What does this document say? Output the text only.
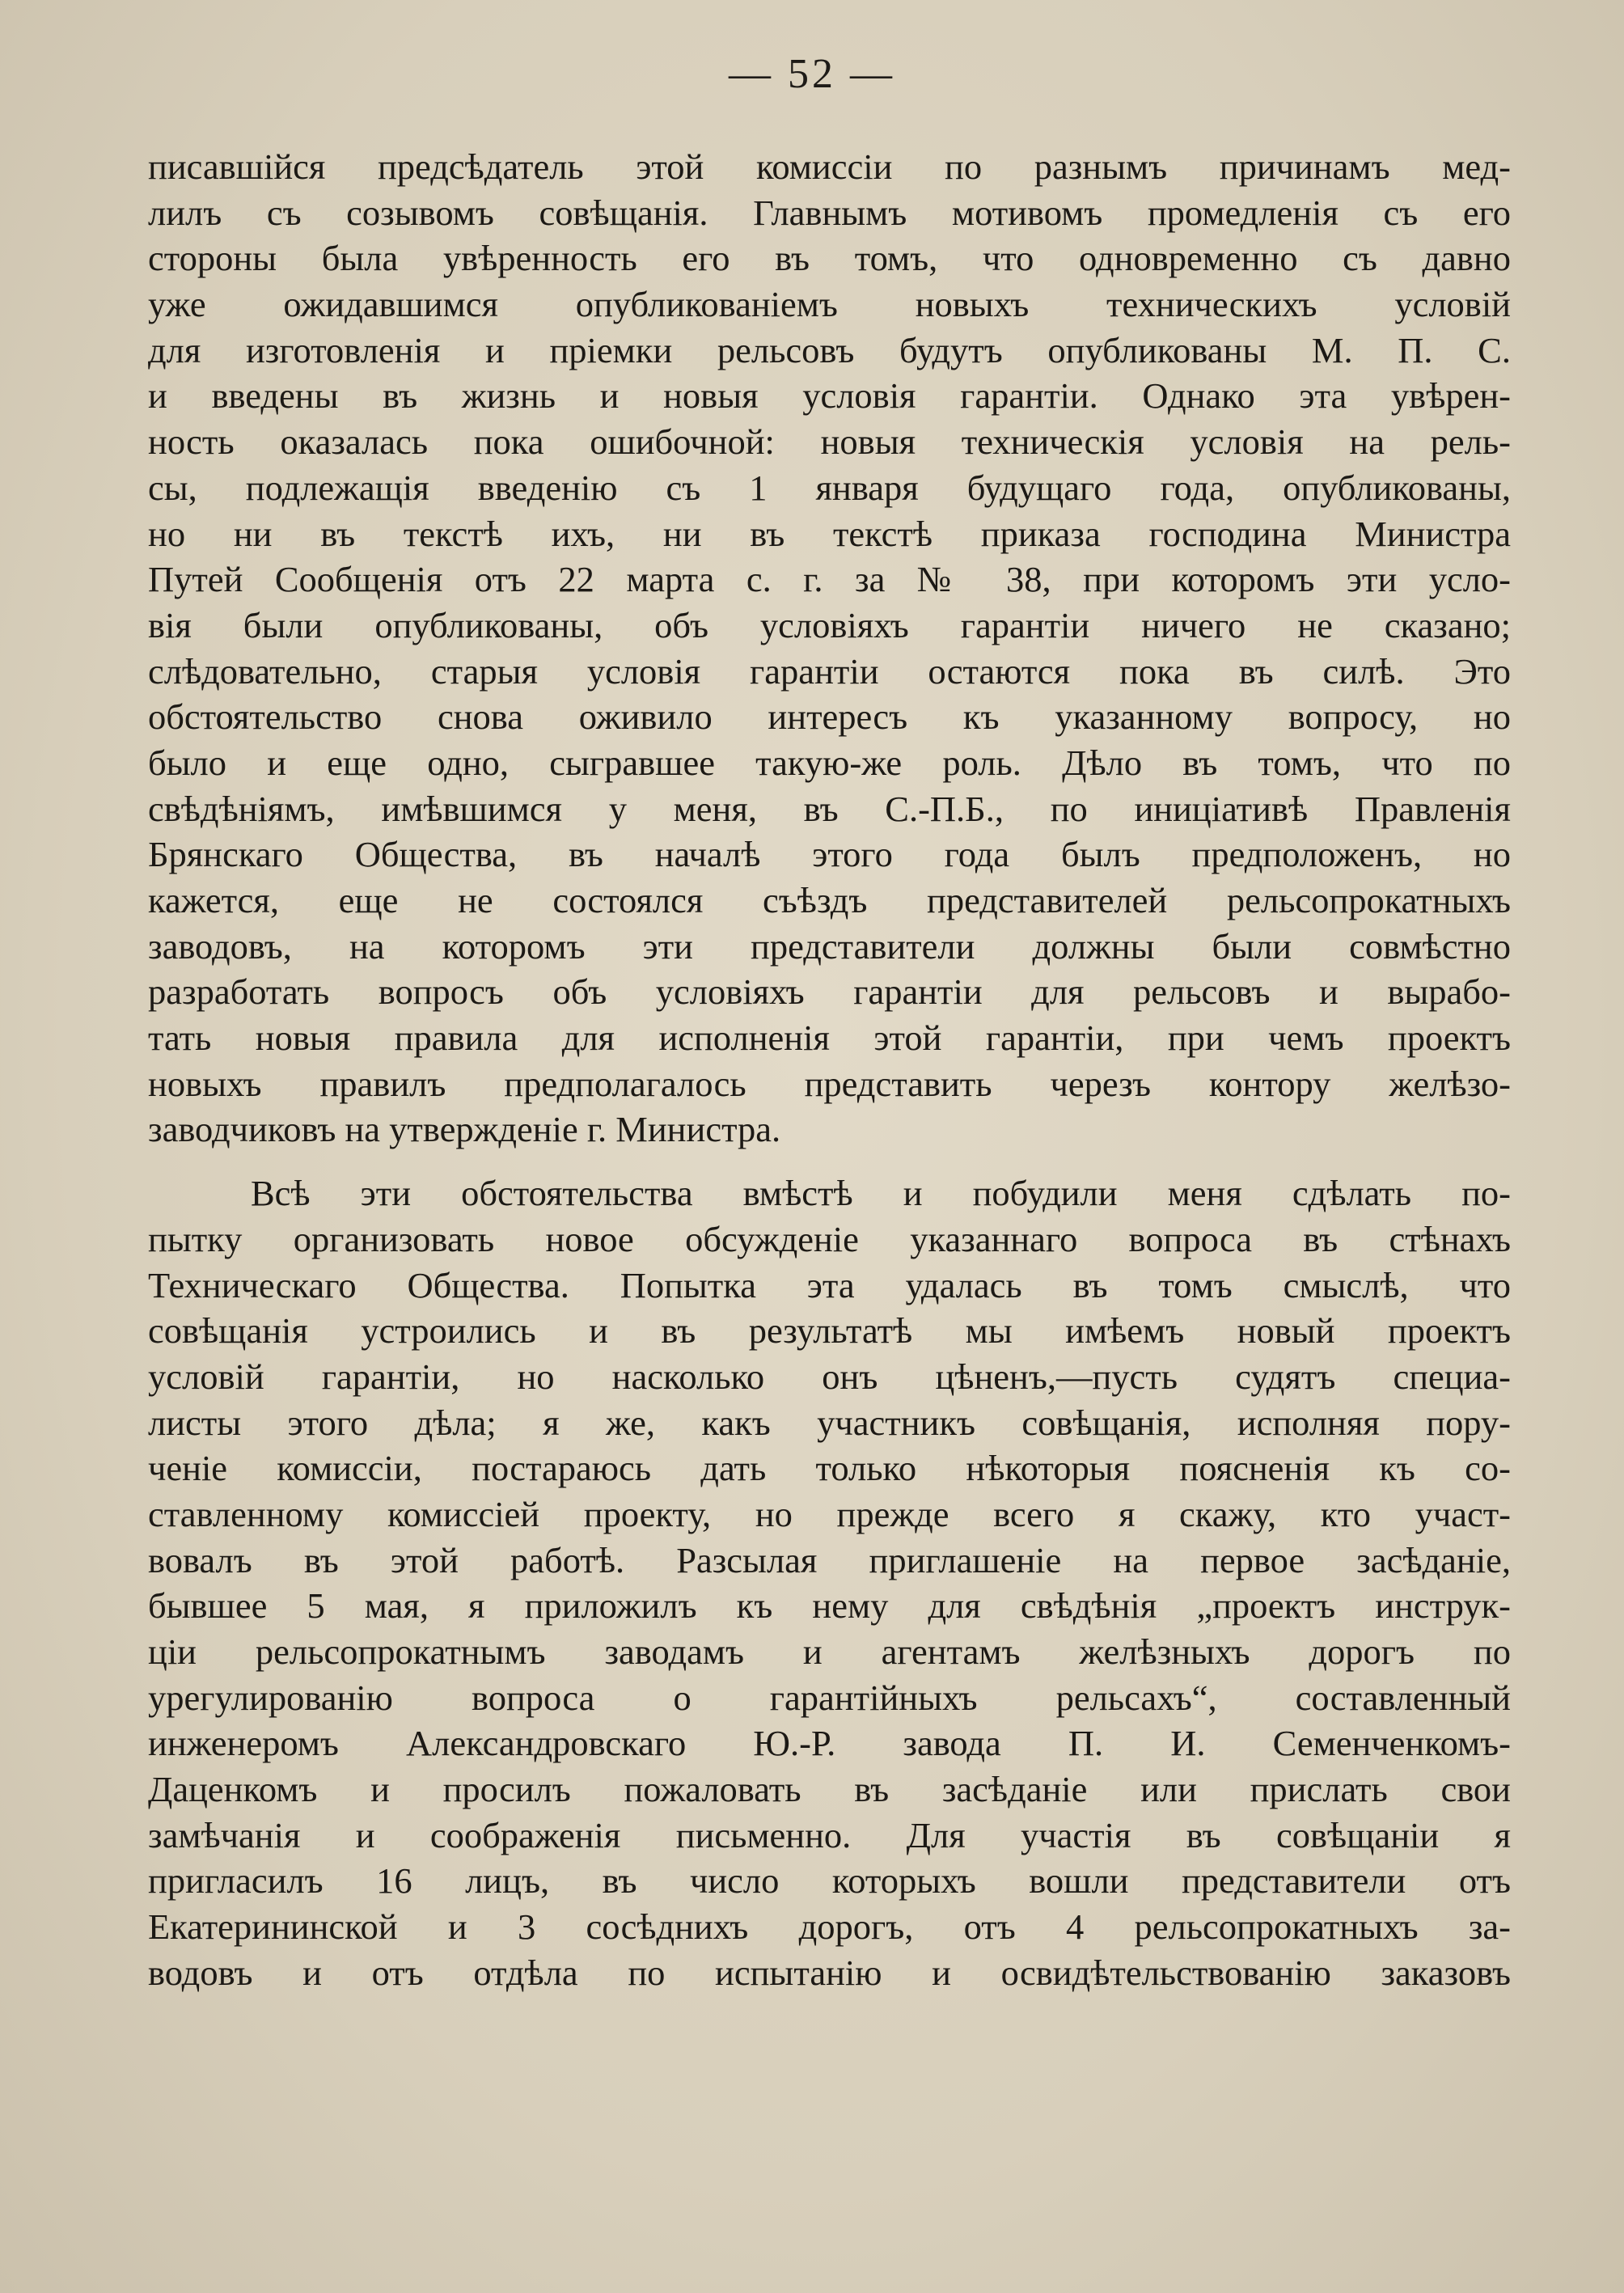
— 52 —
писавшійся предсѣдатель этой комиссіи по разнымъ причинамъ мед-
лилъ съ созывомъ совѣщанія. Главнымъ мотивомъ промедленія съ его
стороны была увѣренность его въ томъ, что одновременно съ давно
уже ожидавшимся опубликованіемъ новыхъ техническихъ условій
для изготовленія и пріемки рельсовъ будутъ опубликованы М. П. С.
и введены въ жизнь и новыя условія гарантіи. Однако эта увѣрен-
ность оказалась пока ошибочной: новыя техническія условія на рель-
сы, подлежащія введенію съ 1 января будущаго года, опубликованы,
но ни въ текстѣ ихъ, ни въ текстѣ приказа господина Министра
Путей Сообщенія отъ 22 марта с. г. за № 38, при которомъ эти усло-
вія были опубликованы, объ условіяхъ гарантіи ничего не сказано;
слѣдовательно, старыя условія гарантіи остаются пока въ силѣ. Это
обстоятельство снова оживило интересъ къ указанному вопросу, но
было и еще одно, сыгравшее такую-же роль. Дѣло въ томъ, что по
свѣдѣніямъ, имѣвшимся у меня, въ С.-П.Б., по иниціативѣ Правленія
Брянскаго Общества, въ началѣ этого года былъ предположенъ, но
кажется, еще не состоялся съѣздъ представителей рельсопрокатныхъ
заводовъ, на которомъ эти представители должны были совмѣстно
разработать вопросъ объ условіяхъ гарантіи для рельсовъ и вырабо-
тать новыя правила для исполненія этой гарантіи, при чемъ проектъ
новыхъ правилъ предполагалось представить черезъ контору желѣзо-
заводчиковъ на утвержденіе г. Министра.
Всѣ эти обстоятельства вмѣстѣ и побудили меня сдѣлать по-
пытку организовать новое обсужденіе указаннаго вопроса въ стѣнахъ
Техническаго Общества. Попытка эта удалась въ томъ смыслѣ, что
совѣщанія устроились и въ результатѣ мы имѣемъ новый проектъ
условій гарантіи, но насколько онъ цѣненъ,—пусть судятъ специа-
листы этого дѣла; я же, какъ участникъ совѣщанія, исполняя пору-
ченіе комиссіи, постараюсь дать только нѣкоторыя поясненія къ со-
ставленному комиссіей проекту, но прежде всего я скажу, кто участ-
вовалъ въ этой работѣ. Разсылая приглашеніе на первое засѣданіе,
бывшее 5 мая, я приложилъ къ нему для свѣдѣнія „проектъ инструк-
ціи рельсопрокатнымъ заводамъ и агентамъ желѣзныхъ дорогъ по
урегулированію вопроса о гарантійныхъ рельсахъ“, составленный
инженеромъ Александровскаго Ю.-Р. завода П. И. Семенченкомъ-
Даценкомъ и просилъ пожаловать въ засѣданіе или прислать свои
замѣчанія и соображенія письменно. Для участія въ совѣщаніи я
пригласилъ 16 лицъ, въ число которыхъ вошли представители отъ
Екатерининской и 3 сосѣднихъ дорогъ, отъ 4 рельсопрокатныхъ за-
водовъ и отъ отдѣла по испытанію и освидѣтельствованію заказовъ
